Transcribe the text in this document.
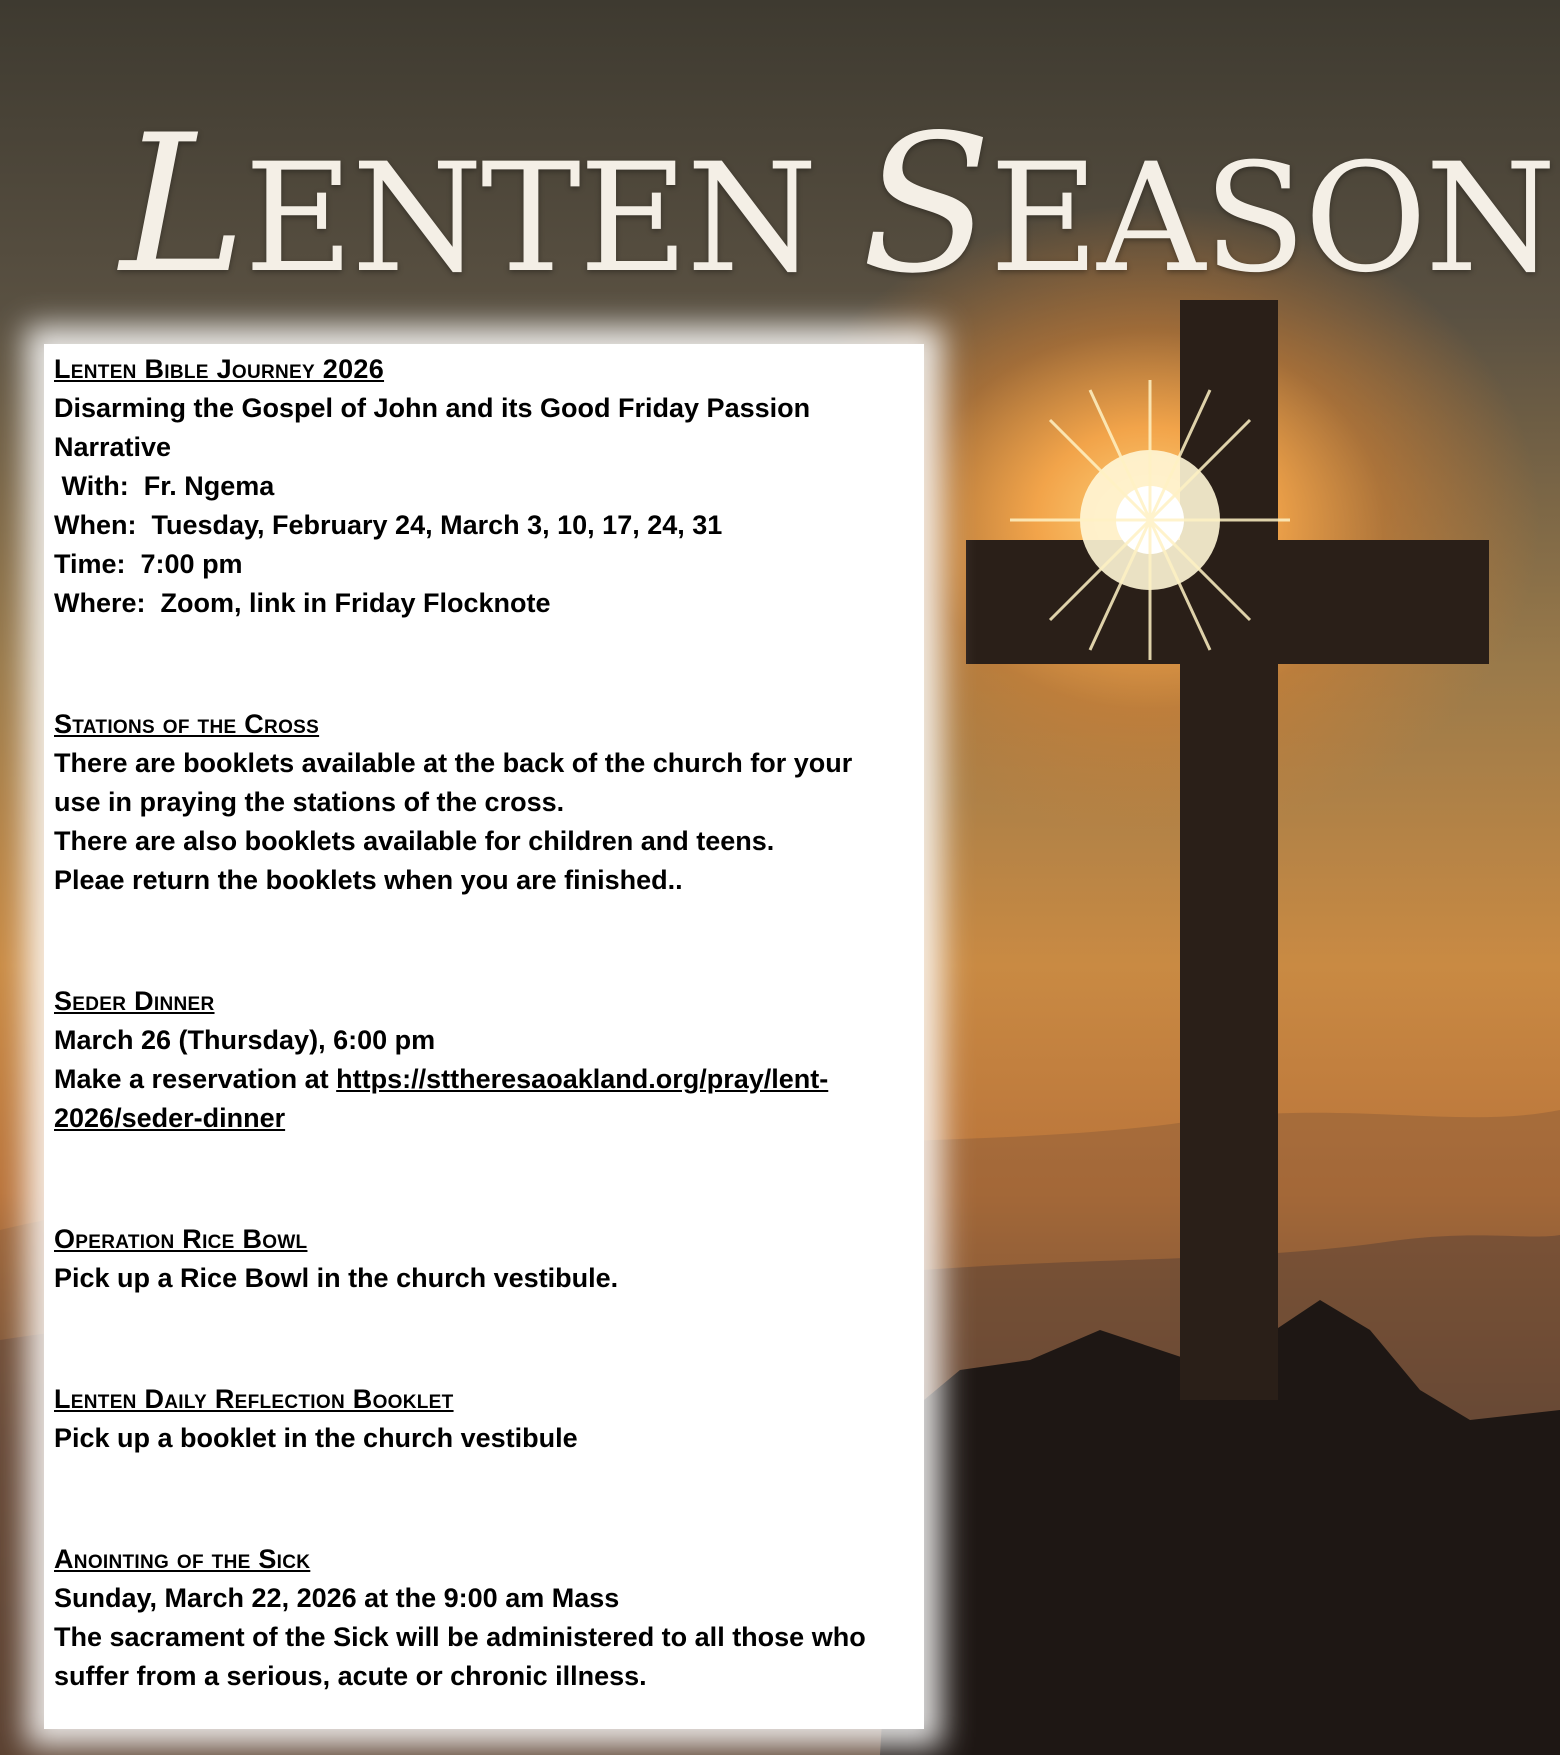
LENTEN SEASON
Lenten Bible Journey 2026
Disarming the Gospel of John and its Good Friday Passion
Narrative
With:  Fr. Ngema
When:  Tuesday, February 24, March 3, 10, 17, 24, 31
Time:  7:00 pm
Where:  Zoom, link in Friday Flocknote
Stations of the Cross
There are booklets available at the back of the church for your
use in praying the stations of the cross.
There are also booklets available for children and teens.
Pleae return the booklets when you are finished..
Seder Dinner
March 26 (Thursday), 6:00 pm
Make a reservation at https://sttheresaoakland.org/pray/lent-
2026/seder-dinner
Operation Rice Bowl
Pick up a Rice Bowl in the church vestibule.
Lenten Daily Reflection Booklet
Pick up a booklet in the church vestibule
Anointing of the Sick
Sunday, March 22, 2026 at the 9:00 am Mass
The sacrament of the Sick will be administered to all those who
suffer from a serious, acute or chronic illness.
